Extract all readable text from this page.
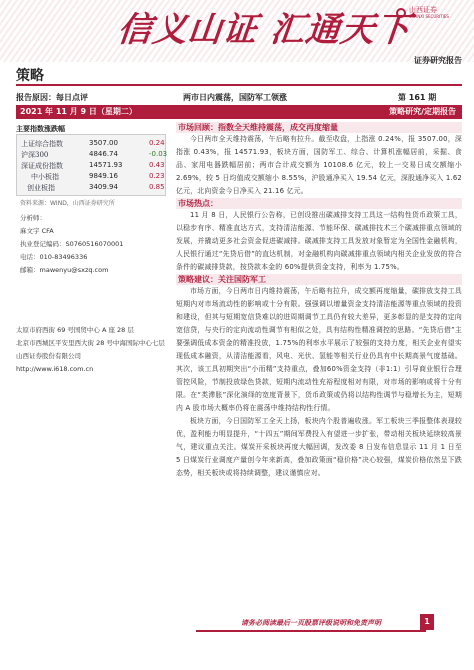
信义山证 汇通天下
山西证券
SHANXI SECURITIES
证券研究报告
策略
报告原因：每日点评	两市日内震荡，国防军工领涨	第 161 期
2021 年 11 月 9 日（星期二）	策略研究/定期报告
主要指数涨跌幅
上证综合指数	3507.00	0.24
沪深300	4846.74	-0.03
深证成份指数	14571.93	0.43
中小板指	9849.16	0.23
创业板指	3409.94	0.85
资料来源：WIND，山西证券研究所
分析师：
麻文宇 CFA
执业登记编码：S0760516070001
电话：010-83496336
邮箱：mawenyu@sxzq.com
太原市府西街 69 号国贸中心 A 座 28 层
北京市西城区平安里西大街 28 号中海国际中心七层
山西证券股份有限公司
http://www.i618.com.cn
市场回顾：指数全天维持震荡，成交再度缩量

今日两市全天维持震荡，午后略有拉升。截至收盘，上指涨 0.24%，报 3507.00，深指涨 0.43%，报 14571.93，板块方面，国防军工、综合、计算机涨幅居前，采掘、食品、家用电器跌幅居前；两市合计成交额为 10108.6 亿元，较上一交易日成交额缩小 2.69%，较 5 日均值成交额缩小 8.55%，沪股通净买入 19.54 亿元，深股通净买入 1.62 亿元，北向资金今日净买入 21.16 亿元。

市场热点：

11 月 8 日，人民银行公告称，已创设推出碳减排支持工具这一结构性货币政策工具，以稳步有序、精准直达方式，支持清洁能源、节能环保、碳减排技术三个碳减排重点领域的发展，并撬动更多社会资金促进碳减排。碳减排支持工具发放对象暂定为全国性金融机构，人民银行通过“先贷后借”的直达机制，对金融机构向碳减排重点领域内相关企业发放的符合条件的碳减排贷款，按贷款本金的 60%提供资金支持，利率为 1.75%。

策略建议：关注国防军工

市场方面，今日两市日内维持震荡，午后略有拉升，成交额再度缩量，碳排放支持工具短期内对市场流动性的影响或十分有限。强强调以增量资金支持清洁能源等重点领域的投资和建设，但其与短期宽信贷难以的进周期调节工具仍有较大差异，更多彰显的是支持的定向宽信贷，与央行的定向流动性调节有相似之处，具有结构性精准调控的思路。“先贷后借”主要强调低成本资金的精准投放，1.75%的利率水平展示了较强的支持力度，相关企业有望实现低成本融资，从清洁能源看，风电、光伏、氢能等相关行业仍具有中长期高景气度基础。其次，该工具初期突出“小而精”支持重点，叠加60%资金支持（非1:1）引导商业银行合理管控风险，节制投放绿色贷款，短期内流动性充裕程度相对有限，对市场的影响或将十分有限。在“类滞胀”深化演绎的宽度背景下，货币政策或仍将以结构性调节与稳增长为主，短期内 A 股市场大概率仍将在震荡中维持结构性行情。

板块方面，今日国防军工全天上扬，板块内个股普遍收涨。军工板块三季报整体表现较优，盈利能力明显提升，“十四五”期间军费投入有望进一步扩张，带动相关板块延续较高景气，建议重点关注。煤炭开采板块再度大幅回调，发改委 8 日发布信息显示 11 月 1 日至 5 日煤炭行业调度产量创今年来新高，叠加政策面“稳价格”决心较强，煤炭价格依然呈下跌态势，相关板块或将持续调整，建议谨慎应对。

请务必阅读最后一页股票评级说明和免责声明	1
